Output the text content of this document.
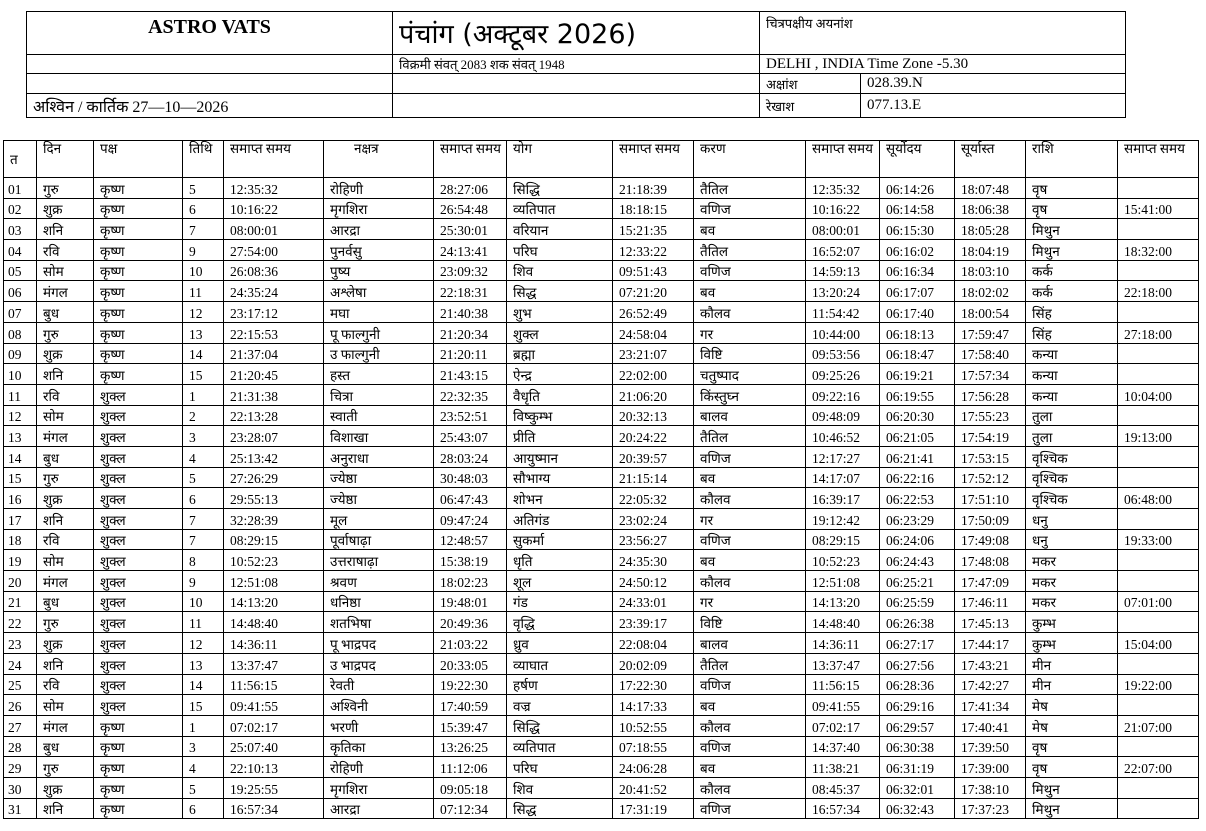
ASTRO VATS	पंचांग (अक्टूबर 2026)	चित्रपक्षीय अयनांश	
	विक्रमी संवत् 2083 शक संवत् 1948	DELHI , INDIA Time Zone -5.30	
		अक्षांश	028.39.N
अश्विन / कार्तिक 27—10—2026		रेखाश	077.13.E
त	दिन	पक्ष	तिथि	समाप्त समय	नक्षत्र	समाप्त समय	योग	समाप्त समय	करण	समाप्त समय	सूर्योदय	सूर्यास्त	राशि	समाप्त समय
01	गुरु	कृष्ण	5	12:35:32	रोहिणी	28:27:06	सिद्धि	21:18:39	तैतिल	12:35:32	06:14:26	18:07:48	वृष	
02	शुक्र	कृष्ण	6	10:16:22	मृगशिरा	26:54:48	व्यतिपात	18:18:15	वणिज	10:16:22	06:14:58	18:06:38	वृष	15:41:00
03	शनि	कृष्ण	7	08:00:01	आरद्रा	25:30:01	वरियान	15:21:35	बव	08:00:01	06:15:30	18:05:28	मिथुन	
04	रवि	कृष्ण	9	27:54:00	पुनर्वसु	24:13:41	परिघ	12:33:22	तैतिल	16:52:07	06:16:02	18:04:19	मिथुन	18:32:00
05	सोम	कृष्ण	10	26:08:36	पुष्य	23:09:32	शिव	09:51:43	वणिज	14:59:13	06:16:34	18:03:10	कर्क	
06	मंगल	कृष्ण	11	24:35:24	अश्लेषा	22:18:31	सिद्ध	07:21:20	बव	13:20:24	06:17:07	18:02:02	कर्क	22:18:00
07	बुध	कृष्ण	12	23:17:12	मघा	21:40:38	शुभ	26:52:49	कौलव	11:54:42	06:17:40	18:00:54	सिंह	
08	गुरु	कृष्ण	13	22:15:53	पू फाल्गुनी	21:20:34	शुक्ल	24:58:04	गर	10:44:00	06:18:13	17:59:47	सिंह	27:18:00
09	शुक्र	कृष्ण	14	21:37:04	उ फाल्गुनी	21:20:11	ब्रह्मा	23:21:07	विष्टि	09:53:56	06:18:47	17:58:40	कन्या	
10	शनि	कृष्ण	15	21:20:45	हस्त	21:43:15	ऐन्द्र	22:02:00	चतुष्पाद	09:25:26	06:19:21	17:57:34	कन्या	
11	रवि	शुक्ल	1	21:31:38	चित्रा	22:32:35	वैधृति	21:06:20	किंस्तुघ्न	09:22:16	06:19:55	17:56:28	कन्या	10:04:00
12	सोम	शुक्ल	2	22:13:28	स्वाती	23:52:51	विष्कुम्भ	20:32:13	बालव	09:48:09	06:20:30	17:55:23	तुला	
13	मंगल	शुक्ल	3	23:28:07	विशाखा	25:43:07	प्रीति	20:24:22	तैतिल	10:46:52	06:21:05	17:54:19	तुला	19:13:00
14	बुध	शुक्ल	4	25:13:42	अनुराधा	28:03:24	आयुष्मान	20:39:57	वणिज	12:17:27	06:21:41	17:53:15	वृश्चिक	
15	गुरु	शुक्ल	5	27:26:29	ज्येष्ठा	30:48:03	सौभाग्य	21:15:14	बव	14:17:07	06:22:16	17:52:12	वृश्चिक	
16	शुक्र	शुक्ल	6	29:55:13	ज्येष्ठा	06:47:43	शोभन	22:05:32	कौलव	16:39:17	06:22:53	17:51:10	वृश्चिक	06:48:00
17	शनि	शुक्ल	7	32:28:39	मूल	09:47:24	अतिगंड	23:02:24	गर	19:12:42	06:23:29	17:50:09	धनु	
18	रवि	शुक्ल	7	08:29:15	पूर्वाषाढ़ा	12:48:57	सुकर्मा	23:56:27	वणिज	08:29:15	06:24:06	17:49:08	धनु	19:33:00
19	सोम	शुक्ल	8	10:52:23	उत्तराषाढ़ा	15:38:19	धृति	24:35:30	बव	10:52:23	06:24:43	17:48:08	मकर	
20	मंगल	शुक्ल	9	12:51:08	श्रवण	18:02:23	शूल	24:50:12	कौलव	12:51:08	06:25:21	17:47:09	मकर	
21	बुध	शुक्ल	10	14:13:20	धनिष्ठा	19:48:01	गंड	24:33:01	गर	14:13:20	06:25:59	17:46:11	मकर	07:01:00
22	गुरु	शुक्ल	11	14:48:40	शतभिषा	20:49:36	वृद्धि	23:39:17	विष्टि	14:48:40	06:26:38	17:45:13	कुम्भ	
23	शुक्र	शुक्ल	12	14:36:11	पू भाद्रपद	21:03:22	ध्रुव	22:08:04	बालव	14:36:11	06:27:17	17:44:17	कुम्भ	15:04:00
24	शनि	शुक्ल	13	13:37:47	उ भाद्रपद	20:33:05	व्याघात	20:02:09	तैतिल	13:37:47	06:27:56	17:43:21	मीन	
25	रवि	शुक्ल	14	11:56:15	रेवती	19:22:30	हर्षण	17:22:30	वणिज	11:56:15	06:28:36	17:42:27	मीन	19:22:00
26	सोम	शुक्ल	15	09:41:55	अश्विनी	17:40:59	वज्र	14:17:33	बव	09:41:55	06:29:16	17:41:34	मेष	
27	मंगल	कृष्ण	1	07:02:17	भरणी	15:39:47	सिद्धि	10:52:55	कौलव	07:02:17	06:29:57	17:40:41	मेष	21:07:00
28	बुध	कृष्ण	3	25:07:40	कृतिका	13:26:25	व्यतिपात	07:18:55	वणिज	14:37:40	06:30:38	17:39:50	वृष	
29	गुरु	कृष्ण	4	22:10:13	रोहिणी	11:12:06	परिघ	24:06:28	बव	11:38:21	06:31:19	17:39:00	वृष	22:07:00
30	शुक्र	कृष्ण	5	19:25:55	मृगशिरा	09:05:18	शिव	20:41:52	कौलव	08:45:37	06:32:01	17:38:10	मिथुन	
31	शनि	कृष्ण	6	16:57:34	आरद्रा	07:12:34	सिद्ध	17:31:19	वणिज	16:57:34	06:32:43	17:37:23	मिथुन	
